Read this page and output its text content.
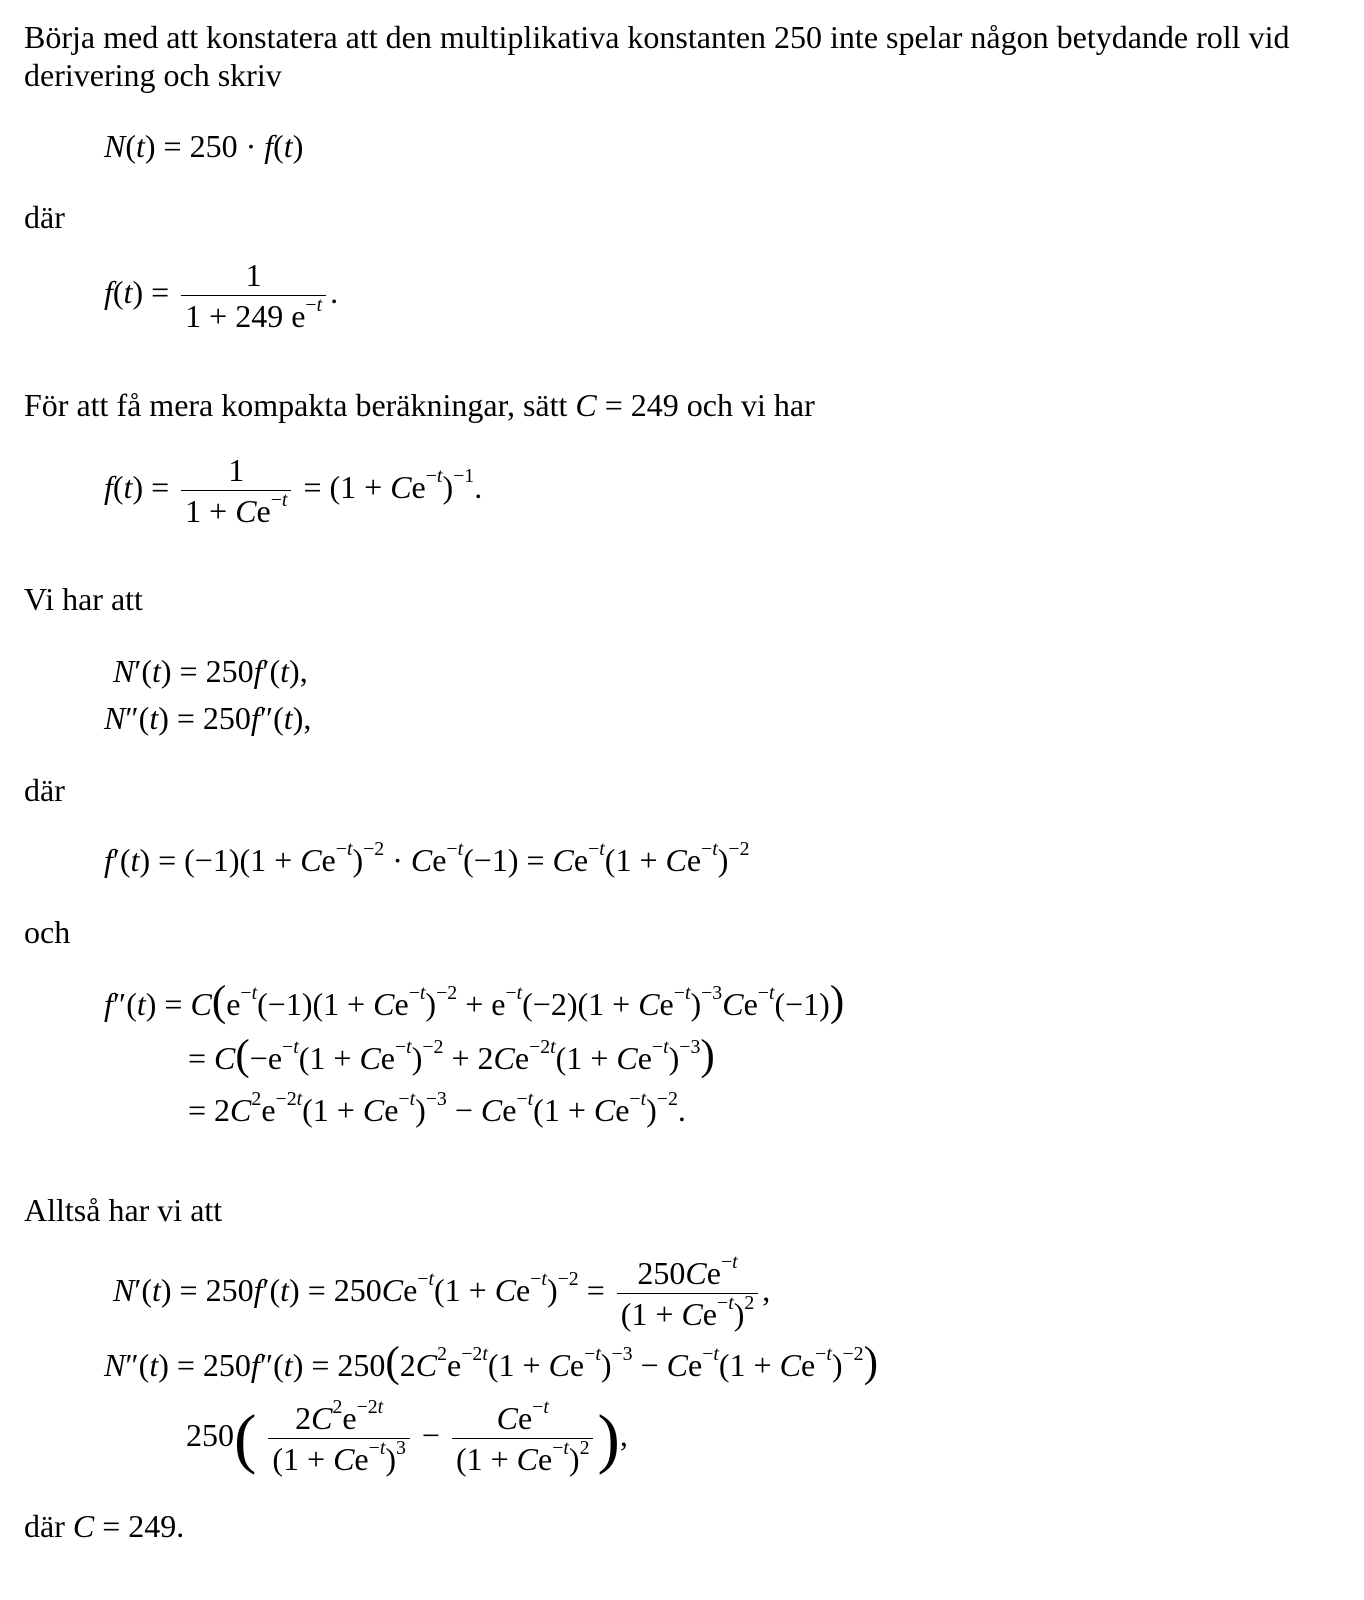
Börja med att konstatera att den multiplikativa konstanten 250 inte spelar någon betydande roll vid derivering och skriv

N(t) = 250 · f(t)
där
$f(t) = \frac{1}{1 + 249 e^{-t}}$ .

För att få mera kompakta beräkningar, sätt C = 249 och vi har

$f(t) = \frac{1}{1 + Ce^{-t}} = (1 + Ce^{-t})^{-1}$.
Vi har att
N′(t) = 250f′(t),
N″(t) = 250f″(t),
där
$f'(t) = (-1)(1 + Ce^{-t})^{-2} \cdot Ce^{-t}(-1) = Ce^{-t}(1 + Ce^{-t})^{-2}$
och
$f''(t) = C(e^{-t}(-1)(1 + Ce^{-t})^{-2} + e^{-t}(-2)(1 + Ce^{-t})^{-3}Ce^{-t}(-1))$
= $C(-e^{-t}(1 + Ce^{-t})^{-2} + 2Ce^{-2t}(1 + Ce^{-t})^{-3})$
= $2C^2e^{-2t}(1 + Ce^{-t})^{-3} - Ce^{-t}(1 + Ce^{-t})^{-2}$.
Alltså har vi att
$N'(t) = 250f'(t) = 250Ce^{-t}(1 + Ce^{-t})^{-2} = \frac{250Ce^{-t}}{(1 + Ce^{-t})^2}$ ,
$N''(t) = 250f''(t) = 250(2C^2e^{-2t}(1 + Ce^{-t})^{-3} - Ce^{-t}(1 + Ce^{-t})^{-2})$
$250( \frac{2C^2e^{-2t}}{(1 + Ce^{-t})^3} - \frac{Ce^{-t}}{(1 + Ce^{-t})^2}$ ),

där C = 249.
